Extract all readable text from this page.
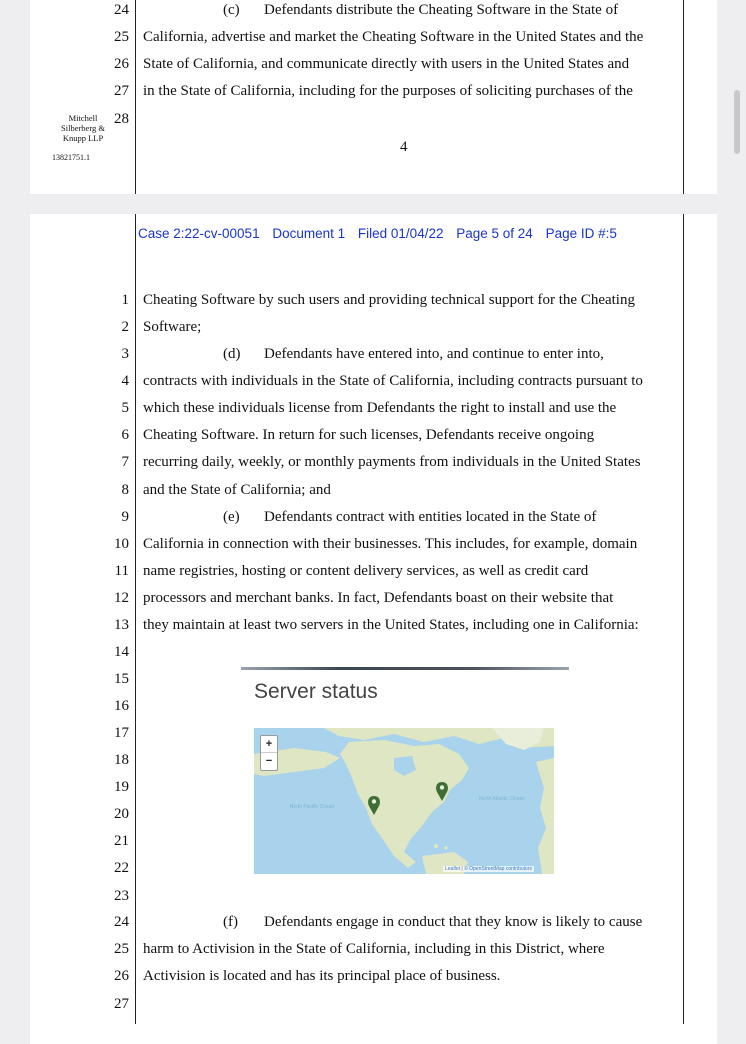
24	(c) Defendants distribute the Cheating Software in the State of
25 California, advertise and market the Cheating Software in the United States and the
26 State of California, and communicate directly with users in the United States and
27 in the State of California, including for the purposes of soliciting purchases of the
28
Mitchell
Silberberg &
Knupp LLP
13821751.1
4
Case 2:22-cv-00051 Document 1 Filed 01/04/22 Page 5 of 24 Page ID #:5
1 Cheating Software by such users and providing technical support for the Cheating
2 Software;
3	(d) Defendants have entered into, and continue to enter into,
4 contracts with individuals in the State of California, including contracts pursuant to
5 which these individuals license from Defendants the right to install and use the
6 Cheating Software. In return for such licenses, Defendants receive ongoing
7 recurring daily, weekly, or monthly payments from individuals in the United States
8 and the State of California; and
9	(e) Defendants contract with entities located in the State of
10 California in connection with their businesses. This includes, for example, domain
11 name registries, hosting or content delivery services, as well as credit card
12 processors and merchant banks. In fact, Defendants boast on their website that
13 they maintain at least two servers in the United States, including one in California:
14
15
16
17
18
19
20
21
22
23
24	(f) Defendants engage in conduct that they know is likely to cause
25 harm to Activision in the State of California, including in this District, where
26 Activision is located and has its principal place of business.
27
Server status
North Pacific Ocean
North Atlantic Ocean
+
−
Leaflet | © OpenStreetMap contributors
